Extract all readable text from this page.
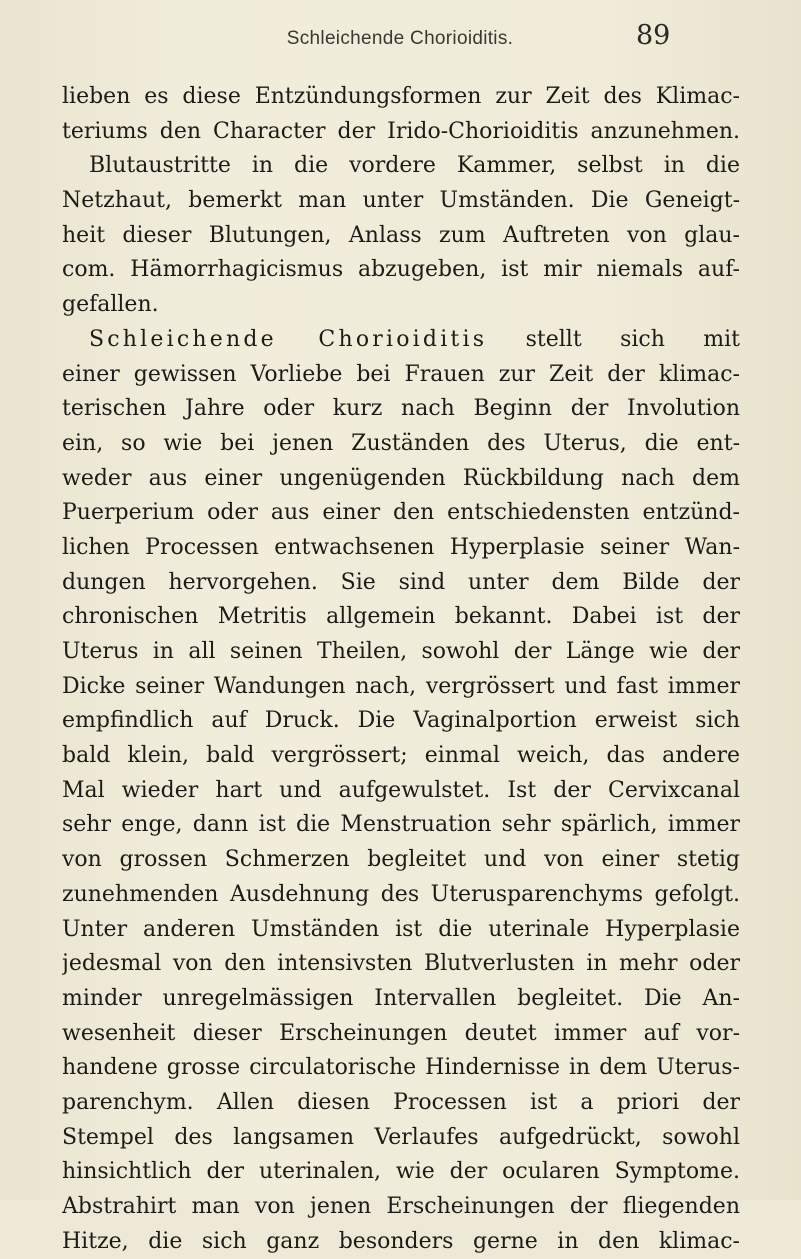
Schleichende Chorioiditis.	89
lieben es diese Entzündungsformen zur Zeit des Klimac-
teriums den Character der Irido-Chorioiditis anzunehmen.
Blutaustritte in die vordere Kammer, selbst in die
Netzhaut, bemerkt man unter Umständen. Die Geneigt-
heit dieser Blutungen, Anlass zum Auftreten von glau-
com. Hämorrhagicismus abzugeben, ist mir niemals auf-
gefallen.
Schleichende Chorioiditis stellt sich mit
einer gewissen Vorliebe bei Frauen zur Zeit der klimac-
terischen Jahre oder kurz nach Beginn der Involution
ein, so wie bei jenen Zuständen des Uterus, die ent-
weder aus einer ungenügenden Rückbildung nach dem
Puerperium oder aus einer den entschiedensten entzünd-
lichen Processen entwachsenen Hyperplasie seiner Wan-
dungen hervorgehen. Sie sind unter dem Bilde der
chronischen Metritis allgemein bekannt. Dabei ist der
Uterus in all seinen Theilen, sowohl der Länge wie der
Dicke seiner Wandungen nach, vergrössert und fast immer
empfindlich auf Druck. Die Vaginalportion erweist sich
bald klein, bald vergrössert; einmal weich, das andere
Mal wieder hart und aufgewulstet. Ist der Cervixcanal
sehr enge, dann ist die Menstruation sehr spärlich, immer
von grossen Schmerzen begleitet und von einer stetig
zunehmenden Ausdehnung des Uterusparenchyms gefolgt.
Unter anderen Umständen ist die uterinale Hyperplasie
jedesmal von den intensivsten Blutverlusten in mehr oder
minder unregelmässigen Intervallen begleitet. Die An-
wesenheit dieser Erscheinungen deutet immer auf vor-
handene grosse circulatorische Hindernisse in dem Uterus-
parenchym. Allen diesen Processen ist a priori der
Stempel des langsamen Verlaufes aufgedrückt, sowohl
hinsichtlich der uterinalen, wie der ocularen Symptome.
Abstrahirt man von jenen Erscheinungen der fliegenden
Hitze, die sich ganz besonders gerne in den klimac-
